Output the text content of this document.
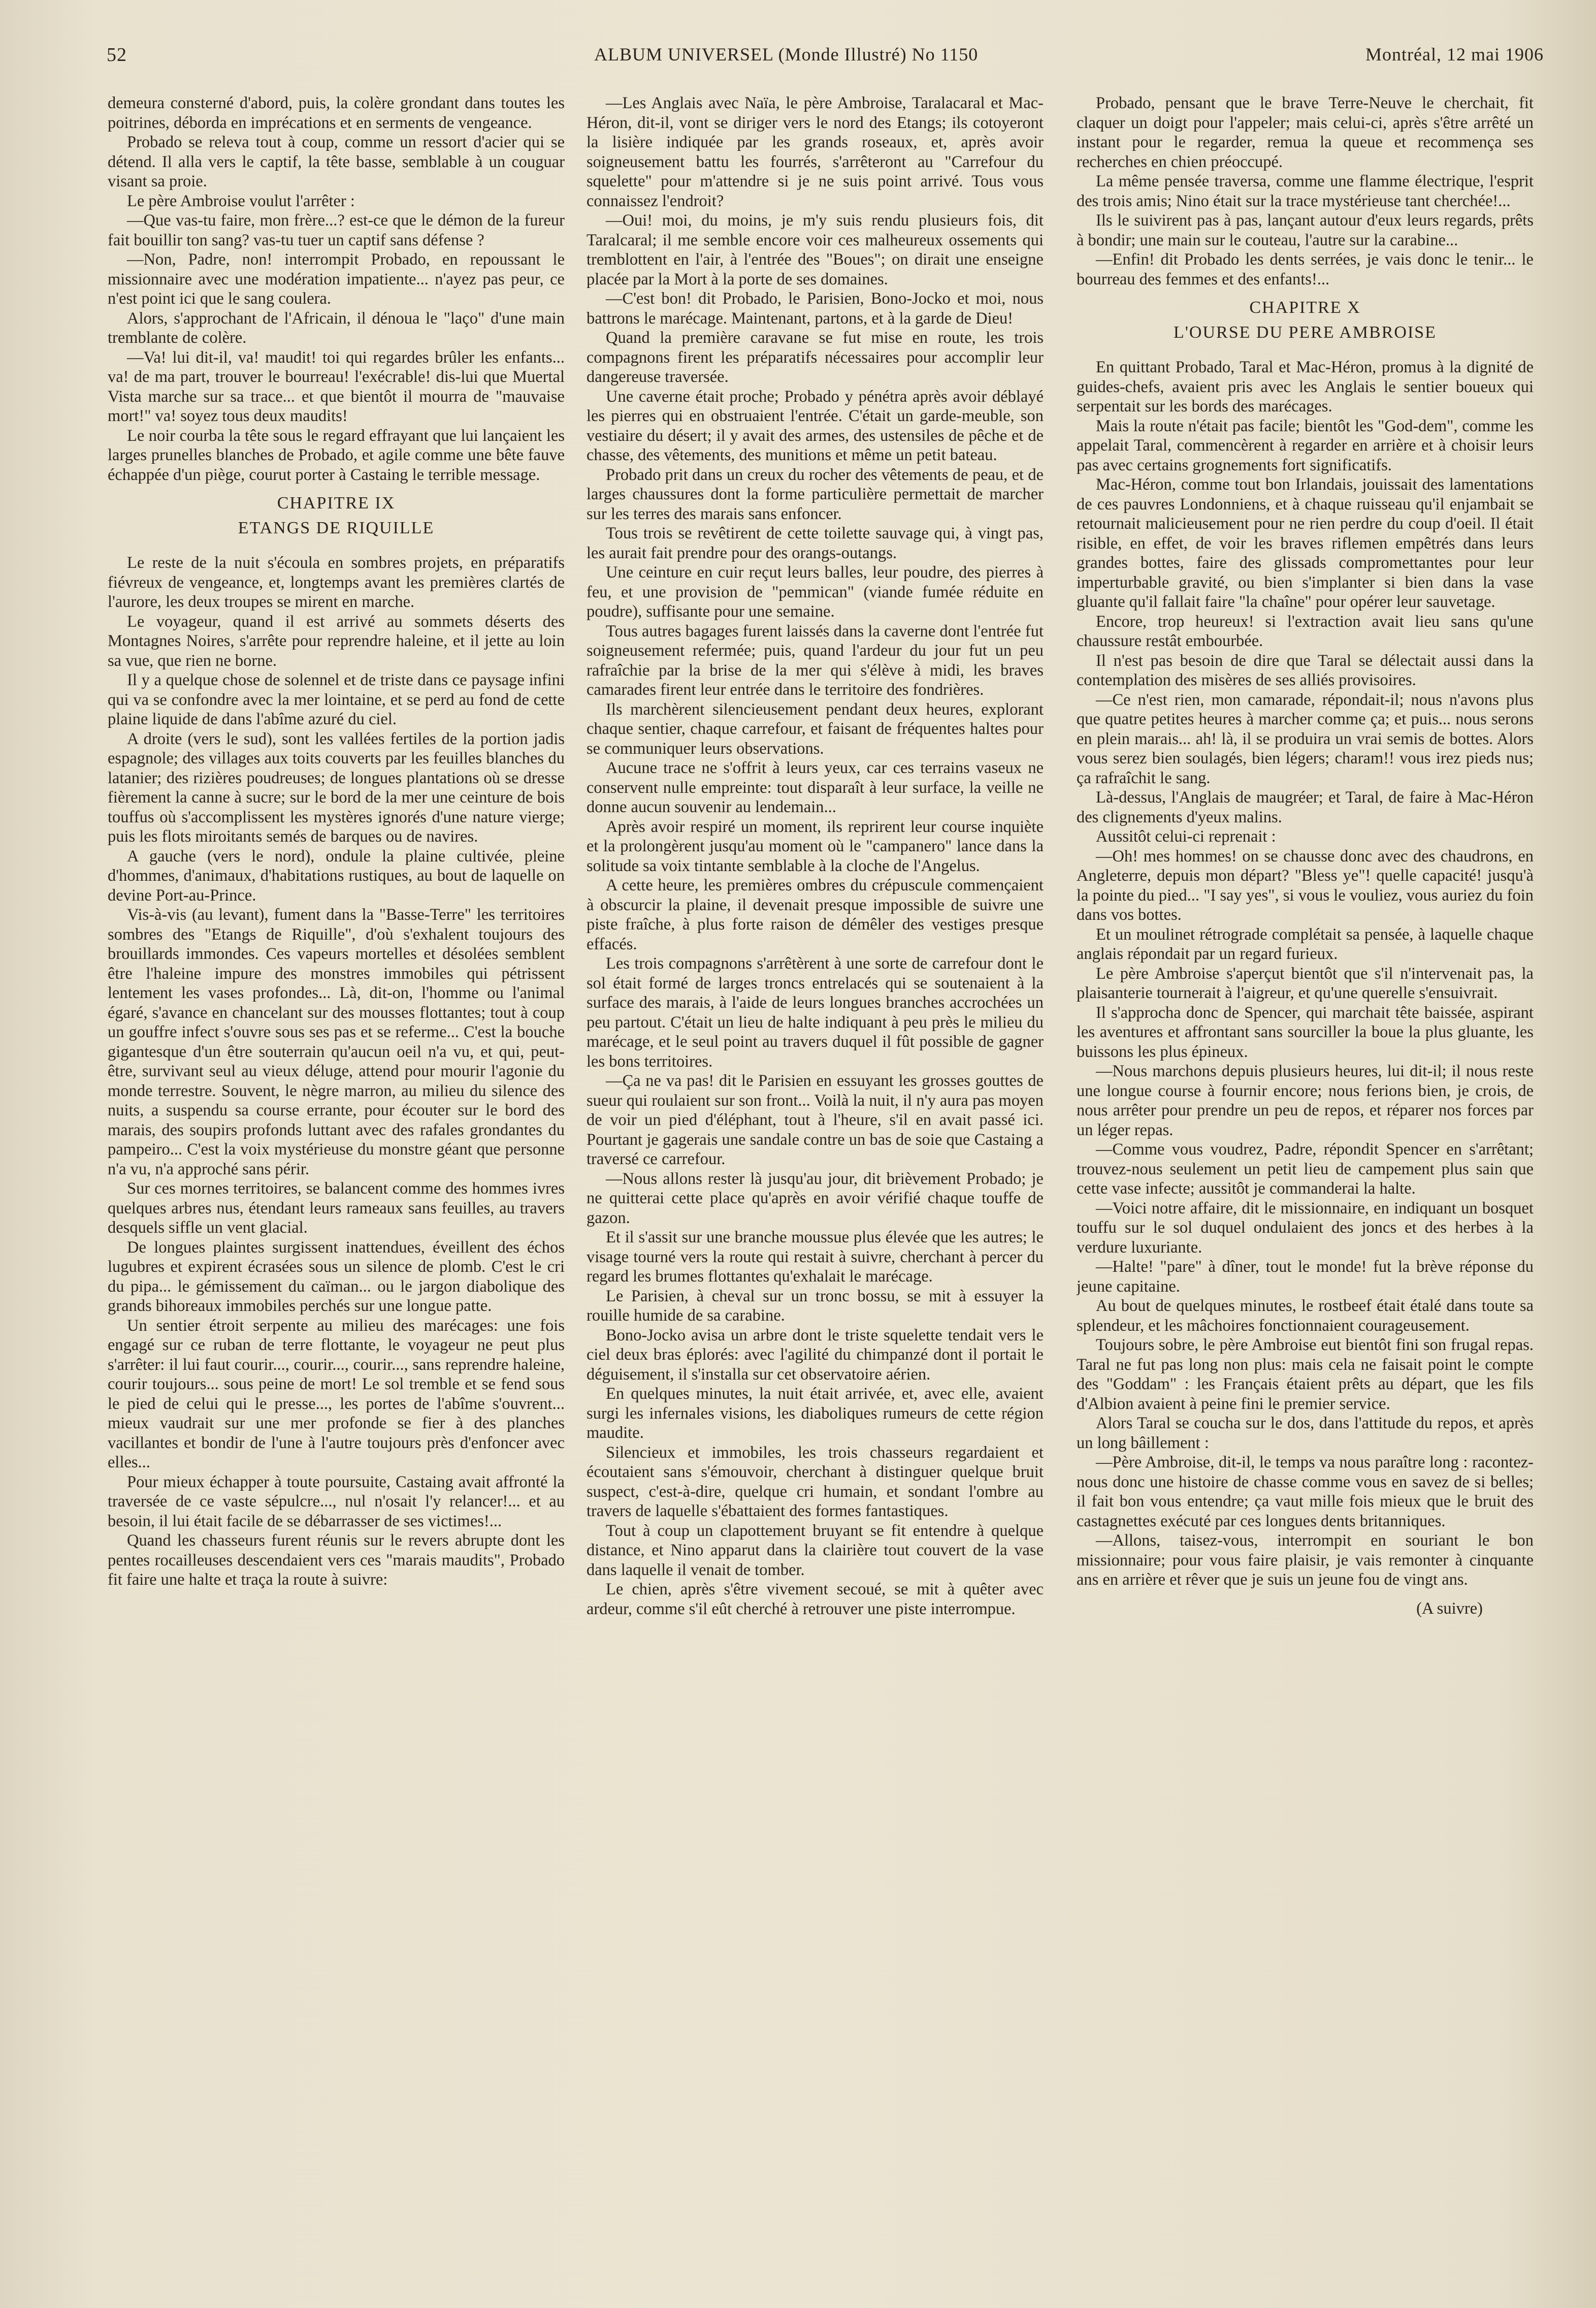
52	ALBUM UNIVERSEL (Monde Illustré) No 1150	Montréal, 12 mai 1906

demeura consterné d'abord, puis, la colère grondant dans toutes les poitrines, déborda en imprécations et en serments de vengeance.

Probado se releva tout à coup, comme un ressort d'acier qui se détend. Il alla vers le captif, la tête basse, semblable à un couguar visant sa proie.

Le père Ambroise voulut l'arrêter :

—Que vas-tu faire, mon frère...? est-ce que le démon de la fureur fait bouillir ton sang? vas-tu tuer un captif sans défense ?

—Non, Padre, non! interrompit Probado, en repoussant le missionnaire avec une modération impatiente... n'ayez pas peur, ce n'est point ici que le sang coulera.

Alors, s'approchant de l'Africain, il dénoua le "laço" d'une main tremblante de colère.

—Va! lui dit-il, va! maudit! toi qui regardes brûler les enfants... va! de ma part, trouver le bourreau! l'exécrable! dis-lui que Muertal Vista marche sur sa trace... et que bientôt il mourra de "mauvaise mort!" va! soyez tous deux maudits!

Le noir courba la tête sous le regard effrayant que lui lançaient les larges prunelles blanches de Probado, et agile comme une bête fauve échappée d'un piège, courut porter à Castaing le terrible message.

CHAPITRE IX

ETANGS DE RIQUILLE

Le reste de la nuit s'écoula en sombres projets, en préparatifs fiévreux de vengeance, et, longtemps avant les premières clartés de l'aurore, les deux troupes se mirent en marche.

Le voyageur, quand il est arrivé au sommets déserts des Montagnes Noires, s'arrête pour reprendre haleine, et il jette au loin sa vue, que rien ne borne.

Il y a quelque chose de solennel et de triste dans ce paysage infini qui va se confondre avec la mer lointaine, et se perd au fond de cette plaine liquide de dans l'abîme azuré du ciel.

A droite (vers le sud), sont les vallées fertiles de la portion jadis espagnole; des villages aux toits couverts par les feuilles blanches du latanier; des rizières poudreuses; de longues plantations où se dresse fièrement la canne à sucre; sur le bord de la mer une ceinture de bois touffus où s'accomplissent les mystères ignorés d'une nature vierge; puis les flots miroitants semés de barques ou de navires.

A gauche (vers le nord), ondule la plaine cultivée, pleine d'hommes, d'animaux, d'habitations rustiques, au bout de laquelle on devine Port-au-Prince.

Vis-à-vis (au levant), fument dans la "Basse-Terre" les territoires sombres des "Etangs de Riquille", d'où s'exhalent toujours des brouillards immondes. Ces vapeurs mortelles et désolées semblent être l'haleine impure des monstres immobiles qui pétrissent lentement les vases profondes... Là, dit-on, l'homme ou l'animal égaré, s'avance en chancelant sur des mousses flottantes; tout à coup un gouffre infect s'ouvre sous ses pas et se referme... C'est la bouche gigantesque d'un être souterrain qu'aucun oeil n'a vu, et qui, peut-être, survivant seul au vieux déluge, attend pour mourir l'agonie du monde terrestre. Souvent, le nègre marron, au milieu du silence des nuits, a suspendu sa course errante, pour écouter sur le bord des marais, des soupirs profonds luttant avec des rafales grondantes du pampeiro... C'est la voix mystérieuse du monstre géant que personne n'a vu, n'a approché sans périr.

Sur ces mornes territoires, se balancent comme des hommes ivres quelques arbres nus, étendant leurs rameaux sans feuilles, au travers desquels siffle un vent glacial.

De longues plaintes surgissent inattendues, éveillent des échos lugubres et expirent écrasées sous un silence de plomb. C'est le cri du pipa... le gémissement du caïman... ou le jargon diabolique des grands bihoreaux immobiles perchés sur une longue patte.

Un sentier étroit serpente au milieu des marécages: une fois engagé sur ce ruban de terre flottante, le voyageur ne peut plus s'arrêter: il lui faut courir..., courir..., courir..., sans reprendre haleine, courir toujours... sous peine de mort! Le sol tremble et se fend sous le pied de celui qui le presse..., les portes de l'abîme s'ouvrent... mieux vaudrait sur une mer profonde se fier à des planches vacillantes et bondir de l'une à l'autre toujours près d'enfoncer avec elles...

Pour mieux échapper à toute poursuite, Castaing avait affronté la traversée de ce vaste sépulcre..., nul n'osait l'y relancer!... et au besoin, il lui était facile de se débarrasser de ses victimes!...

Quand les chasseurs furent réunis sur le revers abrupte dont les pentes rocailleuses descendaient vers ces "marais maudits", Probado fit faire une halte et traça la route à suivre:

—Les Anglais avec Naïa, le père Ambroise, Taralacaral et Mac-Héron, dit-il, vont se diriger vers le nord des Etangs; ils cotoyeront la lisière indiquée par les grands roseaux, et, après avoir soigneusement battu les fourrés, s'arrêteront au "Carrefour du squelette" pour m'attendre si je ne suis point arrivé. Tous vous connaissez l'endroit?

—Oui! moi, du moins, je m'y suis rendu plusieurs fois, dit Taralcaral; il me semble encore voir ces malheureux ossements qui tremblottent en l'air, à l'entrée des "Boues"; on dirait une enseigne placée par la Mort à la porte de ses domaines.

—C'est bon! dit Probado, le Parisien, Bono-Jocko et moi, nous battrons le marécage. Maintenant, partons, et à la garde de Dieu!

Quand la première caravane se fut mise en route, les trois compagnons firent les préparatifs nécessaires pour accomplir leur dangereuse traversée.

Une caverne était proche; Probado y pénétra après avoir déblayé les pierres qui en obstruaient l'entrée. C'était un garde-meuble, son vestiaire du désert; il y avait des armes, des ustensiles de pêche et de chasse, des vêtements, des munitions et même un petit bateau.

Probado prit dans un creux du rocher des vêtements de peau, et de larges chaussures dont la forme particulière permettait de marcher sur les terres des marais sans enfoncer.

Tous trois se revêtirent de cette toilette sauvage qui, à vingt pas, les aurait fait prendre pour des orangs-outangs.

Une ceinture en cuir reçut leurs balles, leur poudre, des pierres à feu, et une provision de "pemmican" (viande fumée réduite en poudre), suffisante pour une semaine.

Tous autres bagages furent laissés dans la caverne dont l'entrée fut soigneusement refermée; puis, quand l'ardeur du jour fut un peu rafraîchie par la brise de la mer qui s'élève à midi, les braves camarades firent leur entrée dans le territoire des fondrières.

Ils marchèrent silencieusement pendant deux heures, explorant chaque sentier, chaque carrefour, et faisant de fréquentes haltes pour se communiquer leurs observations.

Aucune trace ne s'offrit à leurs yeux, car ces terrains vaseux ne conservent nulle empreinte: tout disparaît à leur surface, la veille ne donne aucun souvenir au lendemain...

Après avoir respiré un moment, ils reprirent leur course inquiète et la prolongèrent jusqu'au moment où le "campanero" lance dans la solitude sa voix tintante semblable à la cloche de l'Angelus.

A cette heure, les premières ombres du crépuscule commençaient à obscurcir la plaine, il devenait presque impossible de suivre une piste fraîche, à plus forte raison de démêler des vestiges presque effacés.

Les trois compagnons s'arrêtèrent à une sorte de carrefour dont le sol était formé de larges troncs entrelacés qui se soutenaient à la surface des marais, à l'aide de leurs longues branches accrochées un peu partout. C'était un lieu de halte indiquant à peu près le milieu du marécage, et le seul point au travers duquel il fût possible de gagner les bons territoires.

—Ça ne va pas! dit le Parisien en essuyant les grosses gouttes de sueur qui roulaient sur son front... Voilà la nuit, il n'y aura pas moyen de voir un pied d'éléphant, tout à l'heure, s'il en avait passé ici. Pourtant je gagerais une sandale contre un bas de soie que Castaing a traversé ce carrefour.

—Nous allons rester là jusqu'au jour, dit brièvement Probado; je ne quitterai cette place qu'après en avoir vérifié chaque touffe de gazon.

Et il s'assit sur une branche moussue plus élevée que les autres; le visage tourné vers la route qui restait à suivre, cherchant à percer du regard les brumes flottantes qu'exhalait le marécage.

Le Parisien, à cheval sur un tronc bossu, se mit à essuyer la rouille humide de sa carabine.

Bono-Jocko avisa un arbre dont le triste squelette tendait vers le ciel deux bras éplorés: avec l'agilité du chimpanzé dont il portait le déguisement, il s'installa sur cet observatoire aérien.

En quelques minutes, la nuit était arrivée, et, avec elle, avaient surgi les infernales visions, les diaboliques rumeurs de cette région maudite.

Silencieux et immobiles, les trois chasseurs regardaient et écoutaient sans s'émouvoir, cherchant à distinguer quelque bruit suspect, c'est-à-dire, quelque cri humain, et sondant l'ombre au travers de laquelle s'ébattaient des formes fantastiques.

Tout à coup un clapottement bruyant se fit entendre à quelque distance, et Nino apparut dans la clairière tout couvert de la vase dans laquelle il venait de tomber.

Le chien, après s'être vivement secoué, se mit à quêter avec ardeur, comme s'il eût cherché à retrouver une piste interrompue.

Probado, pensant que le brave Terre-Neuve le cherchait, fit claquer un doigt pour l'appeler; mais celui-ci, après s'être arrêté un instant pour le regarder, remua la queue et recommença ses recherches en chien préoccupé.

La même pensée traversa, comme une flamme électrique, l'esprit des trois amis; Nino était sur la trace mystérieuse tant cherchée!...

Ils le suivirent pas à pas, lançant autour d'eux leurs regards, prêts à bondir; une main sur le couteau, l'autre sur la carabine...

—Enfin! dit Probado les dents serrées, je vais donc le tenir... le bourreau des femmes et des enfants!...

CHAPITRE X

L'OURSE DU PERE AMBROISE

En quittant Probado, Taral et Mac-Héron, promus à la dignité de guides-chefs, avaient pris avec les Anglais le sentier boueux qui serpentait sur les bords des marécages.

Mais la route n'était pas facile; bientôt les "God-dem", comme les appelait Taral, commencèrent à regarder en arrière et à choisir leurs pas avec certains grognements fort significatifs.

Mac-Héron, comme tout bon Irlandais, jouissait des lamentations de ces pauvres Londonniens, et à chaque ruisseau qu'il enjambait se retournait malicieusement pour ne rien perdre du coup d'oeil. Il était risible, en effet, de voir les braves riflemen empêtrés dans leurs grandes bottes, faire des glissads compromettantes pour leur imperturbable gravité, ou bien s'implanter si bien dans la vase gluante qu'il fallait faire "la chaîne" pour opérer leur sauvetage.

Encore, trop heureux! si l'extraction avait lieu sans qu'une chaussure restât embourbée.

Il n'est pas besoin de dire que Taral se délectait aussi dans la contemplation des misères de ses alliés provisoires.

—Ce n'est rien, mon camarade, répondait-il; nous n'avons plus que quatre petites heures à marcher comme ça; et puis... nous serons en plein marais... ah! là, il se produira un vrai semis de bottes. Alors vous serez bien soulagés, bien légers; charam!! vous irez pieds nus; ça rafraîchit le sang.

Là-dessus, l'Anglais de maugréer; et Taral, de faire à Mac-Héron des clignements d'yeux malins.

Aussitôt celui-ci reprenait :

—Oh! mes hommes! on se chausse donc avec des chaudrons, en Angleterre, depuis mon départ? "Bless ye"! quelle capacité! jusqu'à la pointe du pied... "I say yes", si vous le vouliez, vous auriez du foin dans vos bottes.

Et un moulinet rétrograde complétait sa pensée, à laquelle chaque anglais répondait par un regard furieux.

Le père Ambroise s'aperçut bientôt que s'il n'intervenait pas, la plaisanterie tournerait à l'aigreur, et qu'une querelle s'ensuivrait.

Il s'approcha donc de Spencer, qui marchait tête baissée, aspirant les aventures et affrontant sans sourciller la boue la plus gluante, les buissons les plus épineux.

—Nous marchons depuis plusieurs heures, lui dit-il; il nous reste une longue course à fournir encore; nous ferions bien, je crois, de nous arrêter pour prendre un peu de repos, et réparer nos forces par un léger repas.

—Comme vous voudrez, Padre, répondit Spencer en s'arrêtant; trouvez-nous seulement un petit lieu de campement plus sain que cette vase infecte; aussitôt je commanderai la halte.

—Voici notre affaire, dit le missionnaire, en indiquant un bosquet touffu sur le sol duquel ondulaient des joncs et des herbes à la verdure luxuriante.

—Halte! "pare" à dîner, tout le monde! fut la brève réponse du jeune capitaine.

Au bout de quelques minutes, le rostbeef était étalé dans toute sa splendeur, et les mâchoires fonctionnaient courageusement.

Toujours sobre, le père Ambroise eut bientôt fini son frugal repas. Taral ne fut pas long non plus: mais cela ne faisait point le compte des "Goddam" : les Français étaient prêts au départ, que les fils d'Albion avaient à peine fini le premier service.

Alors Taral se coucha sur le dos, dans l'attitude du repos, et après un long bâillement :

—Père Ambroise, dit-il, le temps va nous paraître long : racontez-nous donc une histoire de chasse comme vous en savez de si belles; il fait bon vous entendre; ça vaut mille fois mieux que le bruit des castagnettes exécuté par ces longues dents britanniques.

—Allons, taisez-vous, interrompit en souriant le bon missionnaire; pour vous faire plaisir, je vais remonter à cinquante ans en arrière et rêver que je suis un jeune fou de vingt ans.

(A suivre)
